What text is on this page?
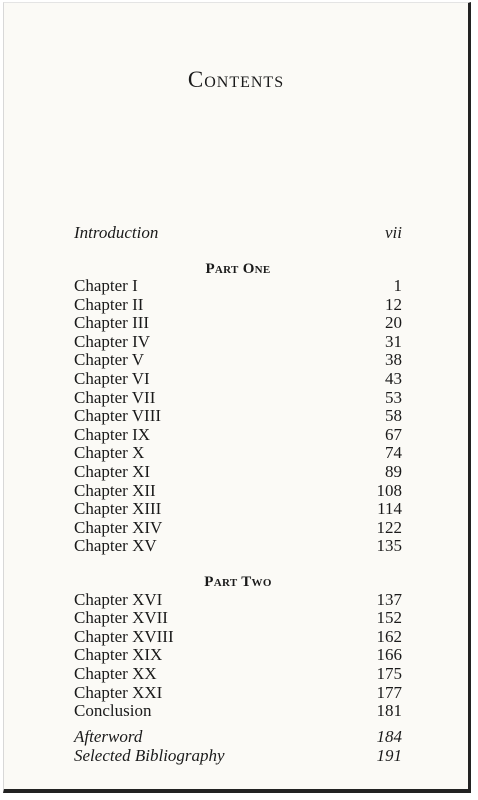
Contents
Introduction	vii
Part One
Chapter I	1
Chapter II	12
Chapter III	20
Chapter IV	31
Chapter V	38
Chapter VI	43
Chapter VII	53
Chapter VIII	58
Chapter IX	67
Chapter X	74
Chapter XI	89
Chapter XII	108
Chapter XIII	114
Chapter XIV	122
Chapter XV	135
Part Two
Chapter XVI	137
Chapter XVII	152
Chapter XVIII	162
Chapter XIX	166
Chapter XX	175
Chapter XXI	177
Conclusion	181
Afterword	184
Selected Bibliography	191
